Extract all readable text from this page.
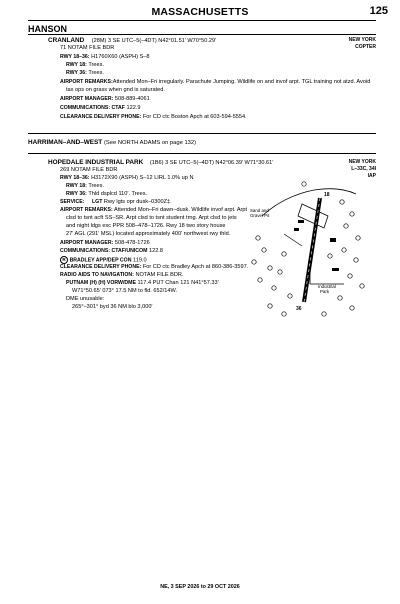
MASSACHUSETTS	125
HANSON
CRANLAND (28M) 3 SE UTC–5(–4DT) N42°01.51′ W70°50.29′	NEW YORK
71 NOTAM FILE BDR	COPTER
RWY 18–36: H1760X60 (ASPH) S–8
RWY 18: Trees.
RWY 36: Trees.
AIRPORT REMARKS:Attended Mon–Fri irregularly. Parachute Jumping. Wildlife on and invof arpt. TGL training not atzd. Avoid
tax ops on grass when gnd is saturated.
AIRPORT MANAGER: 508-889-4061
COMMUNICATIONS: CTAF 122.9
CLEARANCE DELIVERY PHONE: For CD ctc Boston Apch at 603-594-5554.
HARRIMAN–AND–WEST (See NORTH ADAMS on page 132)
HOPEDALE INDUSTRIAL PARK (1B6) 3 SE UTC–5(–4DT) N42°06.39′ W71°30.61′	NEW YORK
269 NOTAM FILE BDR	L–33C, 34I
IAP
RWY 18–36: H3172X90 (ASPH) S–12 LIRL 1.0% up N
RWY 18: Trees.
RWY 36: Thld dsplcd 110′. Trees.
SERVICE: LGT Rwy lgts opr dusk–0300Z‡.
AIRPORT REMARKS: Attended Mon–Fri dawn–dusk. Wildlife invof arpt. Arpt
clsd to tsnt acft SS–SR. Arpt clsd to tsnt student trng. Arpt clsd to jets
and night ldgs exc PPR 508–478–1726. Rwy 18 two story house
27′ AGL (291′ MSL) located approximately 400′ northwest rwy thld.
AIRPORT MANAGER: 508-478-1726
COMMUNICATIONS: CTAF/UNICOM 122.8
R BRADLEY APP/DEP CON 119.0
CLEARANCE DELIVERY PHONE: For CD ctc Bradley Apch at 860-386-3597.
RADIO AIDS TO NAVIGATION: NOTAM FILE BDR.
PUTNAM (H) (H) VORW/DME 117.4 PUT Chan 121 N41°57.33′
W71°50.65′ 073° 17.5 NM to fld. 652/14W.
DME unusable:
265°–301° byd 36 NM blo 3,000′
Sand and
Gravel Pit
Industrial
Park
18
36
NE, 3 SEP 2026 to 29 OCT 2026
